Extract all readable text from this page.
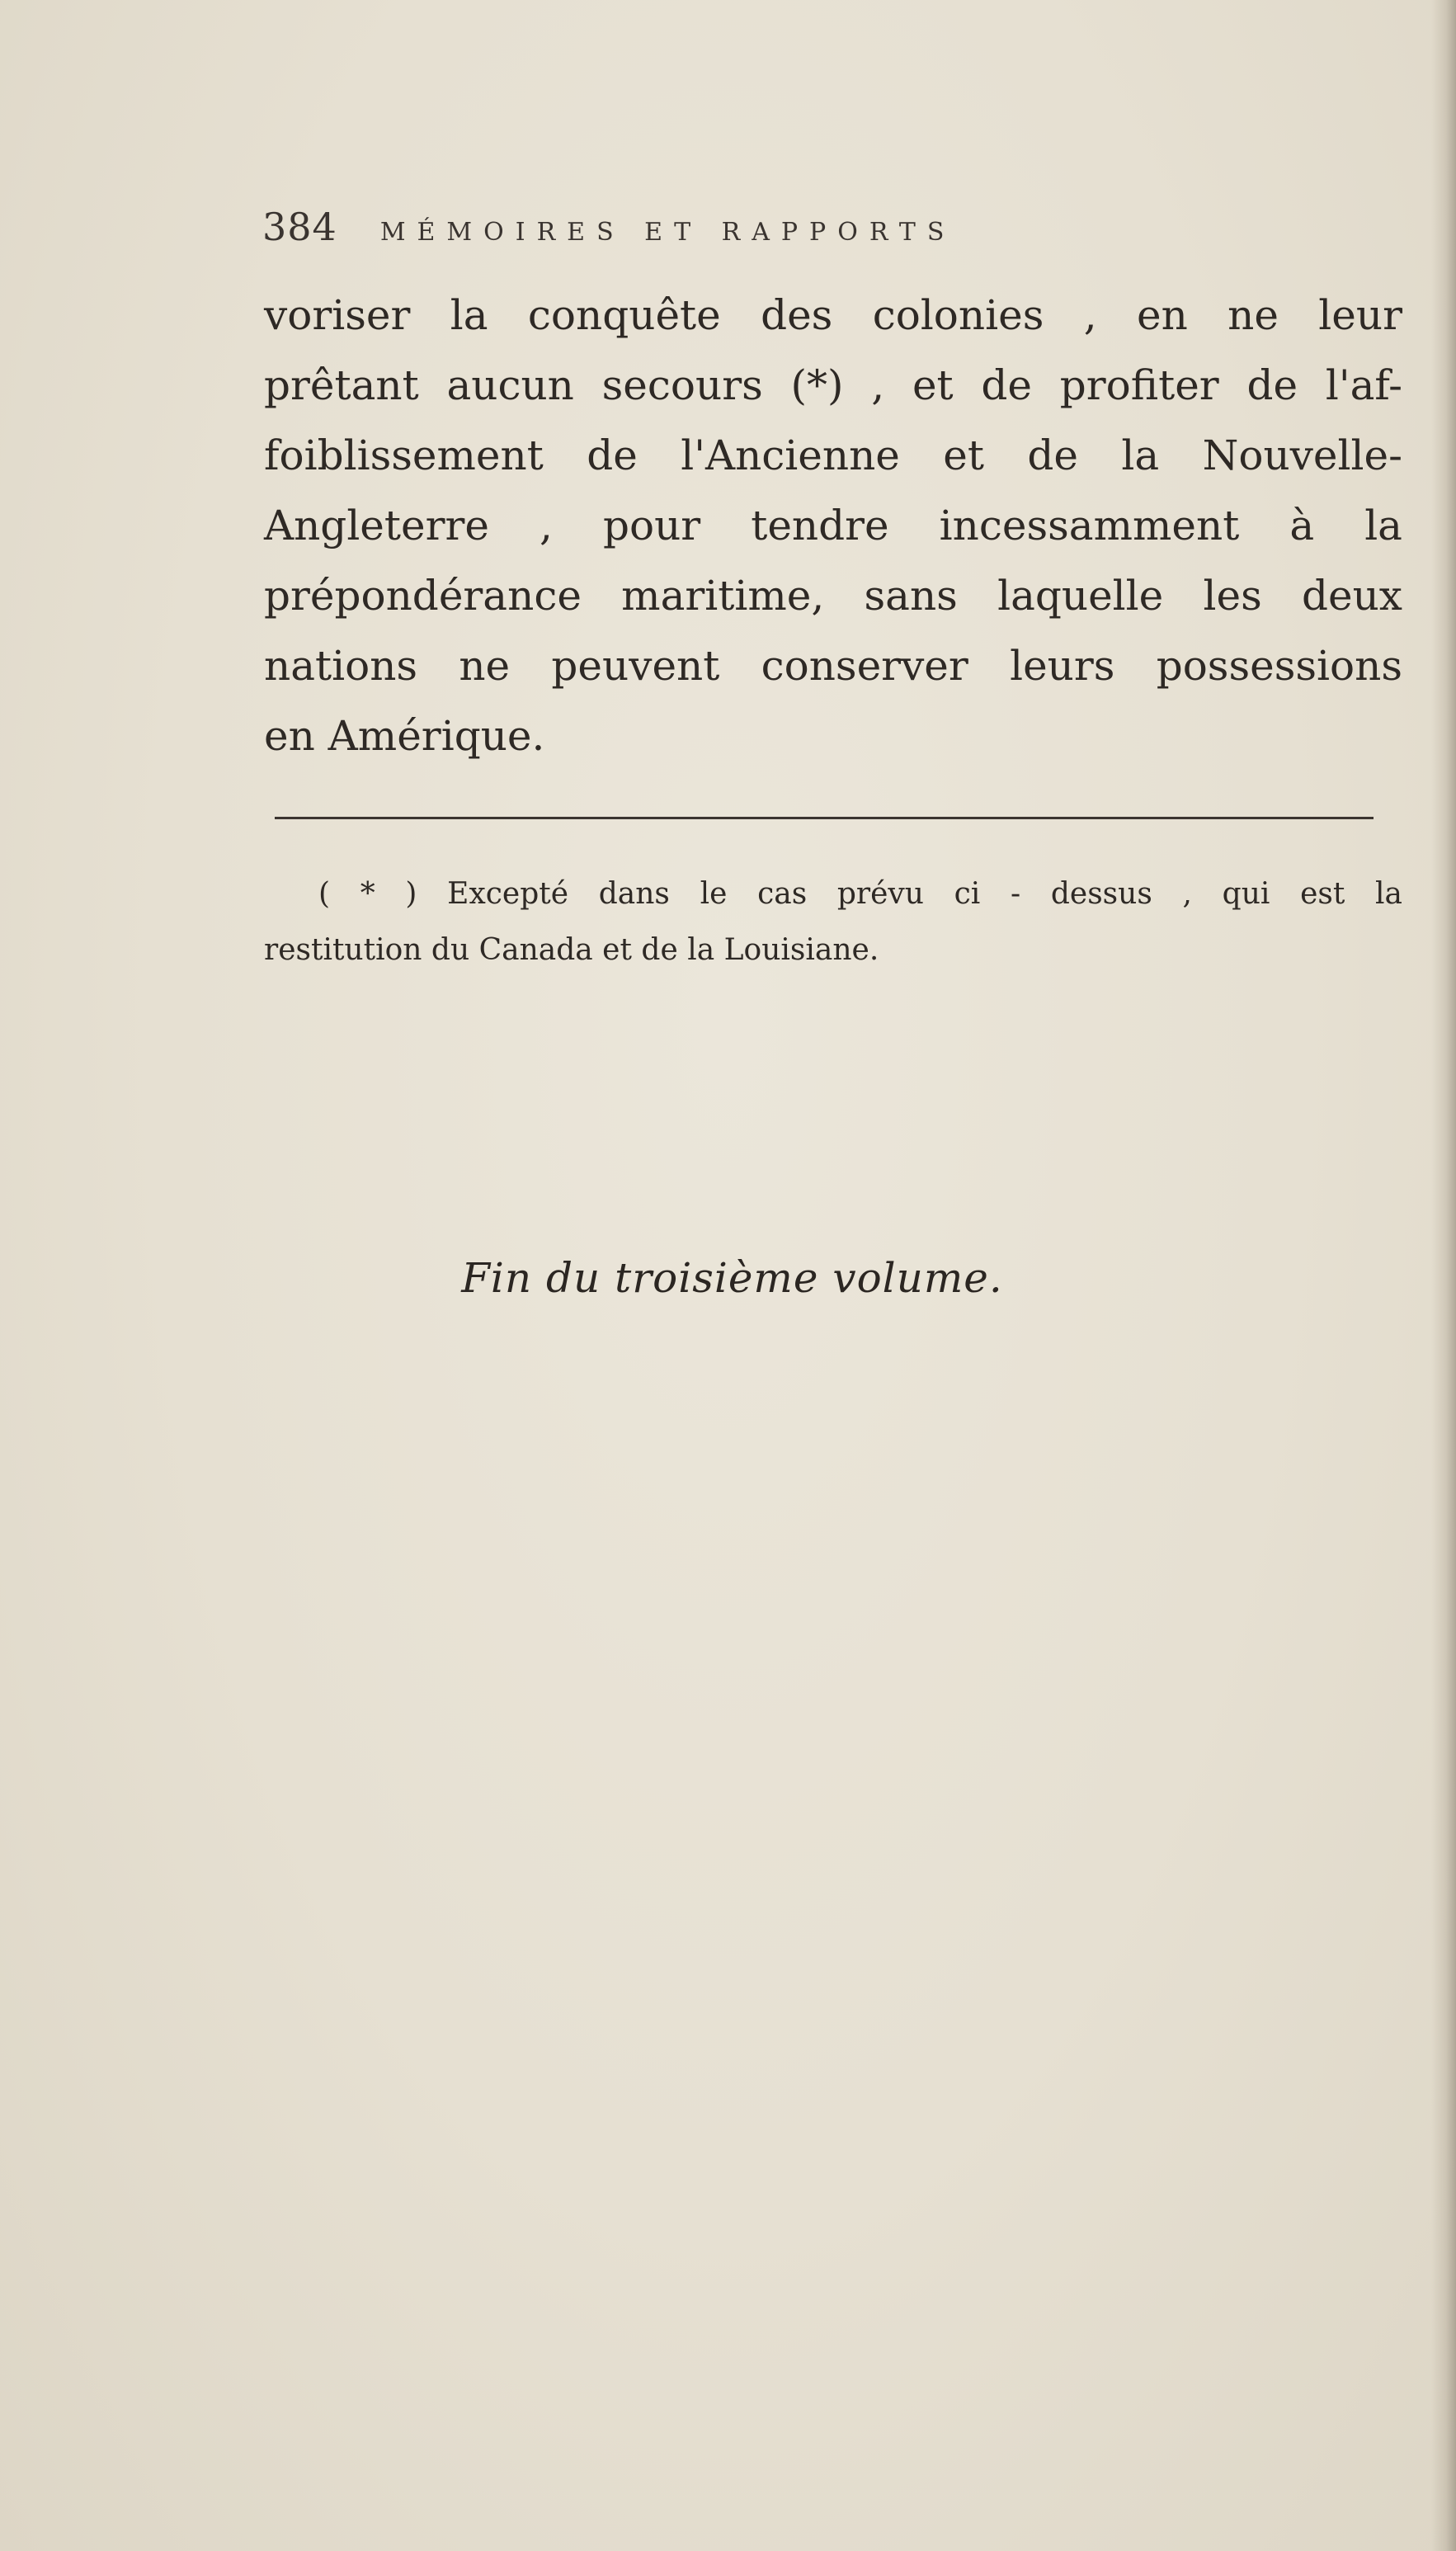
384 MÉMOIRES ET RAPPORTS
voriser la conquête des colonies , en ne leur
prêtant aucun secours (*) , et de profiter de l'af-
foiblissement de l'Ancienne et de la Nouvelle-
Angleterre , pour tendre incessamment à la
prépondérance maritime, sans laquelle les deux
nations ne peuvent conserver leurs possessions
en Amérique.
( * ) Excepté dans le cas prévu ci - dessus , qui est la
restitution du Canada et de la Louisiane.
Fin du troisième volume.
